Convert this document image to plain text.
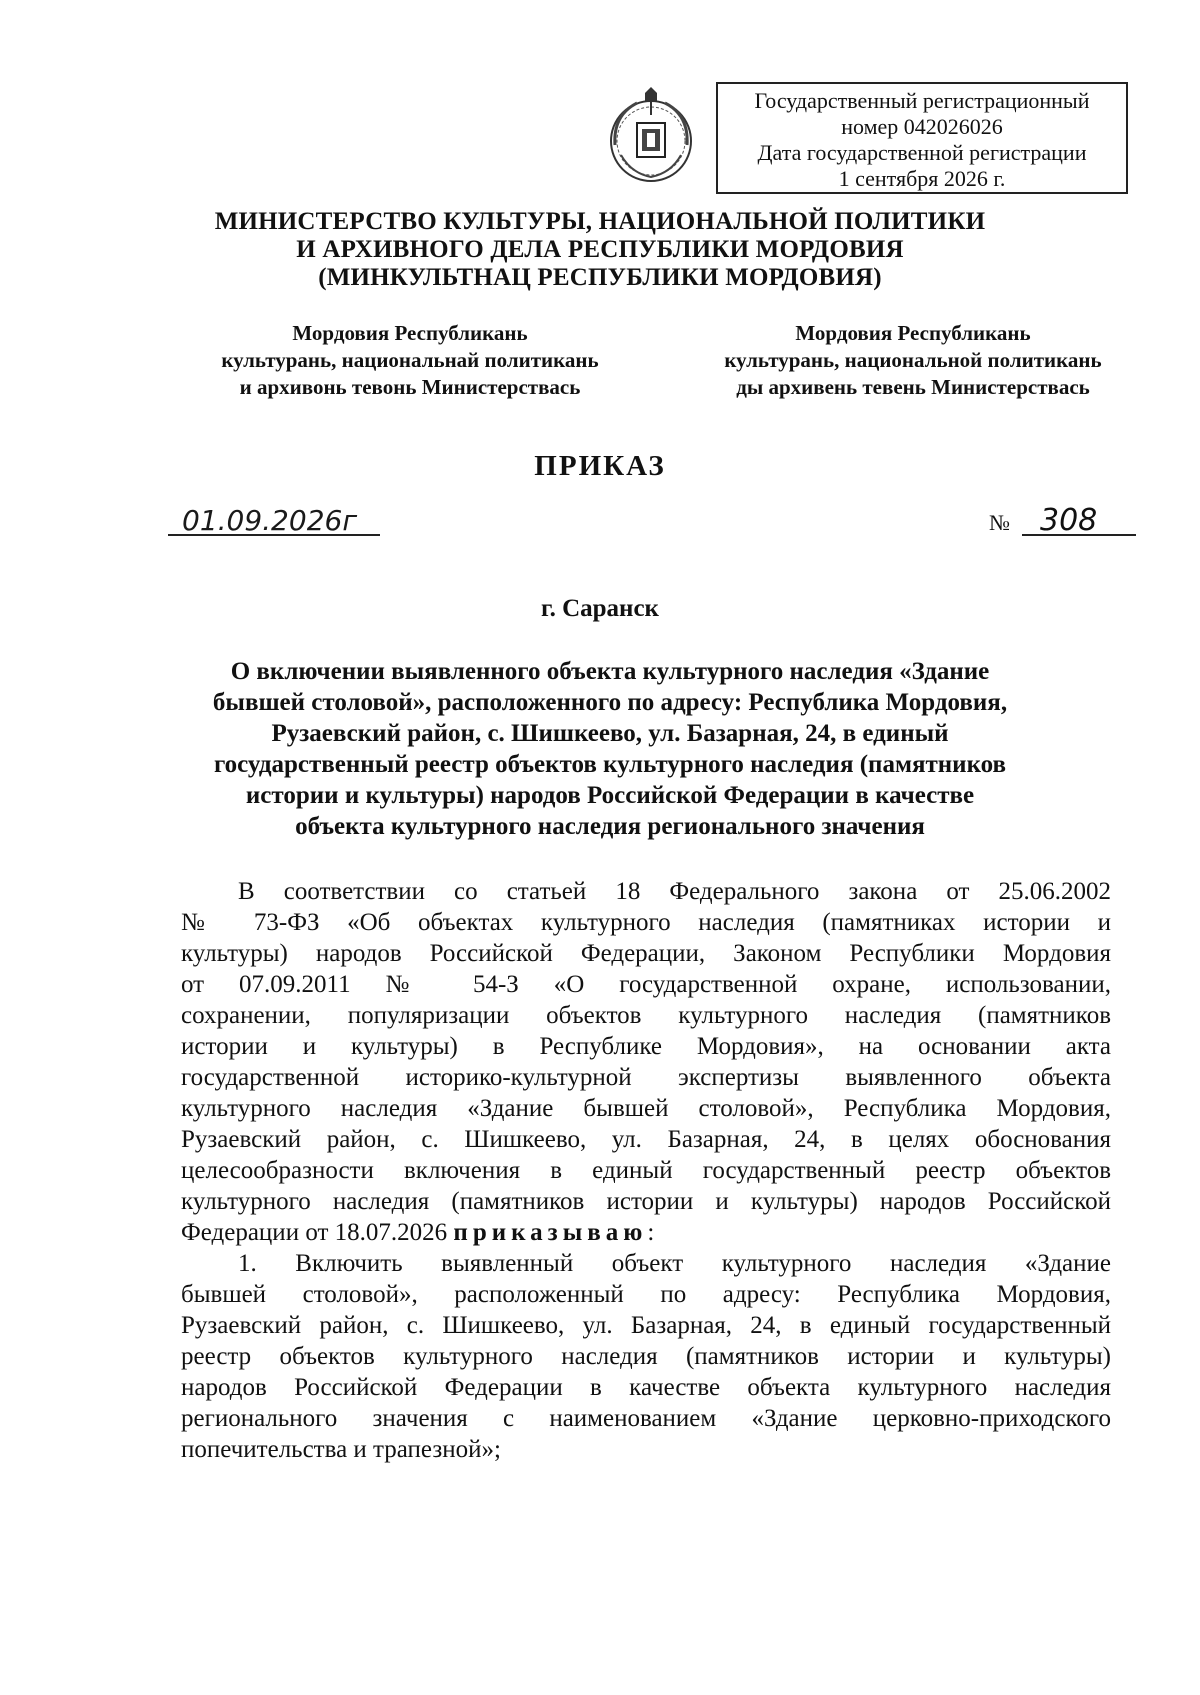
Государственный регистрационный
номер 042026026
Дата государственной регистрации
1 сентября 2026 г.
МИНИСТЕРСТВО КУЛЬТУРЫ, НАЦИОНАЛЬНОЙ ПОЛИТИКИ
И АРХИВНОГО ДЕЛА РЕСПУБЛИКИ МОРДОВИЯ
(МИНКУЛЬТНАЦ РЕСПУБЛИКИ МОРДОВИЯ)
Мордовия Республикань
культурань, национальнай политикань
и архивонь тевонь Министерствась
Мордовия Республикань
культурань, национальной политикань
ды архивень тевень Министерствась
ПРИКАЗ
01.09.2026г	№	308
г. Саранск
О включении выявленного объекта культурного наследия «Здание
бывшей столовой», расположенного по адресу: Республика Мордовия,
Рузаевский район, с. Шишкеево, ул. Базарная, 24, в единый
государственный реестр объектов культурного наследия (памятников
истории и культуры) народов Российской Федерации в качестве
объекта культурного наследия регионального значения
В соответствии со статьей 18 Федерального закона от 25.06.2002
№ 73-ФЗ «Об объектах культурного наследия (памятниках истории и
культуры) народов Российской Федерации, Законом Республики Мордовия
от 07.09.2011 № 54-З «О государственной охране, использовании,
сохранении, популяризации объектов культурного наследия (памятников
истории и культуры) в Республике Мордовия», на основании акта
государственной историко-культурной экспертизы выявленного объекта
культурного наследия «Здание бывшей столовой», Республика Мордовия,
Рузаевский район, с. Шишкеево, ул. Базарная, 24, в целях обоснования
целесообразности включения в единый государственный реестр объектов
культурного наследия (памятников истории и культуры) народов Российской
Федерации от 18.07.2026 приказываю:
1. Включить выявленный объект культурного наследия «Здание
бывшей столовой», расположенный по адресу: Республика Мордовия,
Рузаевский район, с. Шишкеево, ул. Базарная, 24, в единый государственный
реестр объектов культурного наследия (памятников истории и культуры)
народов Российской Федерации в качестве объекта культурного наследия
регионального значения с наименованием «Здание церковно-приходского
попечительства и трапезной»;
